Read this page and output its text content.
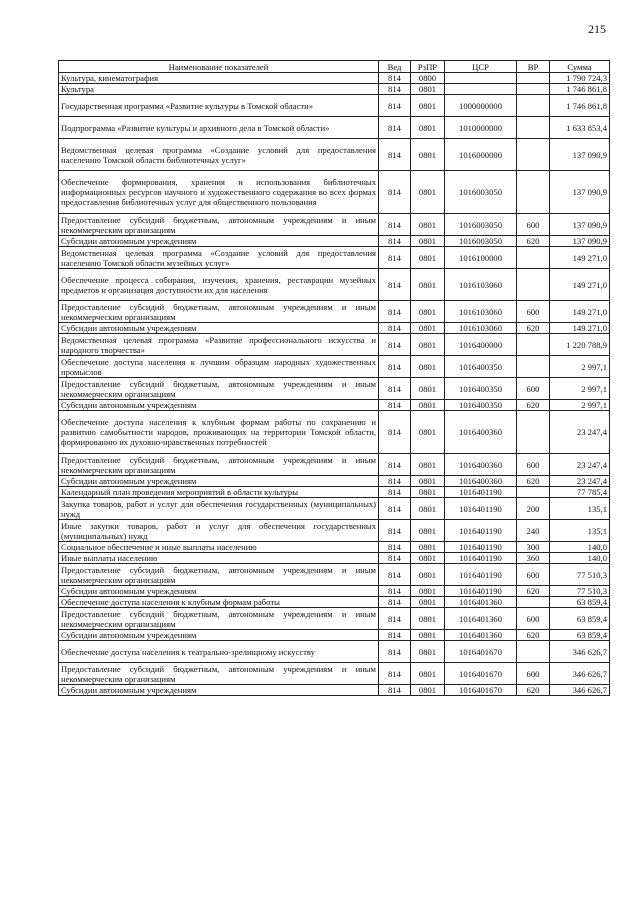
215
Наименование показателей	Вед	РзПР	ЦСР	ВР	Сумма
Культура, кинематография	814	0800			1 790 724,3
Культура	814	0801			1 746 861,8
Государственная программа «Развитие культуры в Томской области»	814	0801	1000000000		1 746 861,8
Подпрограмма «Развитие культуры и архивного дела в Томской области»	814	0801	1010000000		1 633 853,4
Ведомственная целевая программа «Создание условий для предоставления населению Томской области библиотечных услуг»	814	0801	1016000000		137 090,9
Обеспечение формирования, хранения и использования библиотечных информационных ресурсов научного и художественного содержания во всех формах предоставления библиотечных услуг для общественного пользования	814	0801	1016003050		137 090,9
Предоставление субсидий бюджетным, автономным учреждениям и иным некоммерческим организациям	814	0801	1016003050	600	137 090,9
Субсидии автономным учреждениям	814	0801	1016003050	620	137 090,9
Ведомственная целевая программа «Создание условий для предоставления населению Томской области музейных услуг»	814	0801	1016100000		149 271,0
Обеспечение процесса собирания, изучения, хранения, реставрации музейных предметов и организация доступности их для населения	814	0801	1016103060		149 271,0
Предоставление субсидий бюджетным, автономным учреждениям и иным некоммерческим организациям	814	0801	1016103060	600	149 271,0
Субсидии автономным учреждениям	814	0801	1016103060	620	149 271,0
Ведомственная целевая программа «Развитие профессионального искусства и народного творчества»	814	0801	1016400000		1 220 788,9
Обеспечение доступа населения к лучшим образцам народных художественных промыслов	814	0801	1016400350		2 997,1
Предоставление субсидий бюджетным, автономным учреждениям и иным некоммерческим организациям	814	0801	1016400350	600	2 997,1
Субсидии автономным учреждениям	814	0801	1016400350	620	2 997,1
Обеспечение доступа населения к клубным формам работы по сохранению и развитию самобытности народов, проживающих на территории Томской области, формированию их духовно-нравственных потребностей	814	0801	1016400360		23 247,4
Предоставление субсидий бюджетным, автономным учреждениям и иным некоммерческим организациям	814	0801	1016400360	600	23 247,4
Субсидии автономным учреждениям	814	0801	1016400360	620	23 247,4
Календарный план проведения мероприятий в области культуры	814	0801	1016401190		77 785,4
Закупка товаров, работ и услуг для обеспечения государственных (муниципальных) нужд	814	0801	1016401190	200	135,1
Иные закупки товаров, работ и услуг для обеспечения государственных (муниципальных) нужд	814	0801	1016401190	240	135,1
Социальное обеспечение и иные выплаты населению	814	0801	1016401190	300	140,0
Иные выплаты населению	814	0801	1016401190	360	140,0
Предоставление субсидий бюджетным, автономным учреждениям и иным некоммерческим организациям	814	0801	1016401190	600	77 510,3
Субсидии автономным учреждениям	814	0801	1016401190	620	77 510,3
Обеспечение доступа населения к клубным формам работы	814	0801	1016401360		63 859,4
Предоставление субсидий бюджетным, автономным учреждениям и иным некоммерческим организациям	814	0801	1016401360	600	63 859,4
Субсидии автономным учреждениям	814	0801	1016401360	620	63 859,4
Обеспечение доступа населения к театрально-зрелищному искусству	814	0801	1016401670		346 626,7
Предоставление субсидий бюджетным, автономным учреждениям и иным некоммерческим организациям	814	0801	1016401670	600	346 626,7
Субсидии автономным учреждениям	814	0801	1016401670	620	346 626,7
